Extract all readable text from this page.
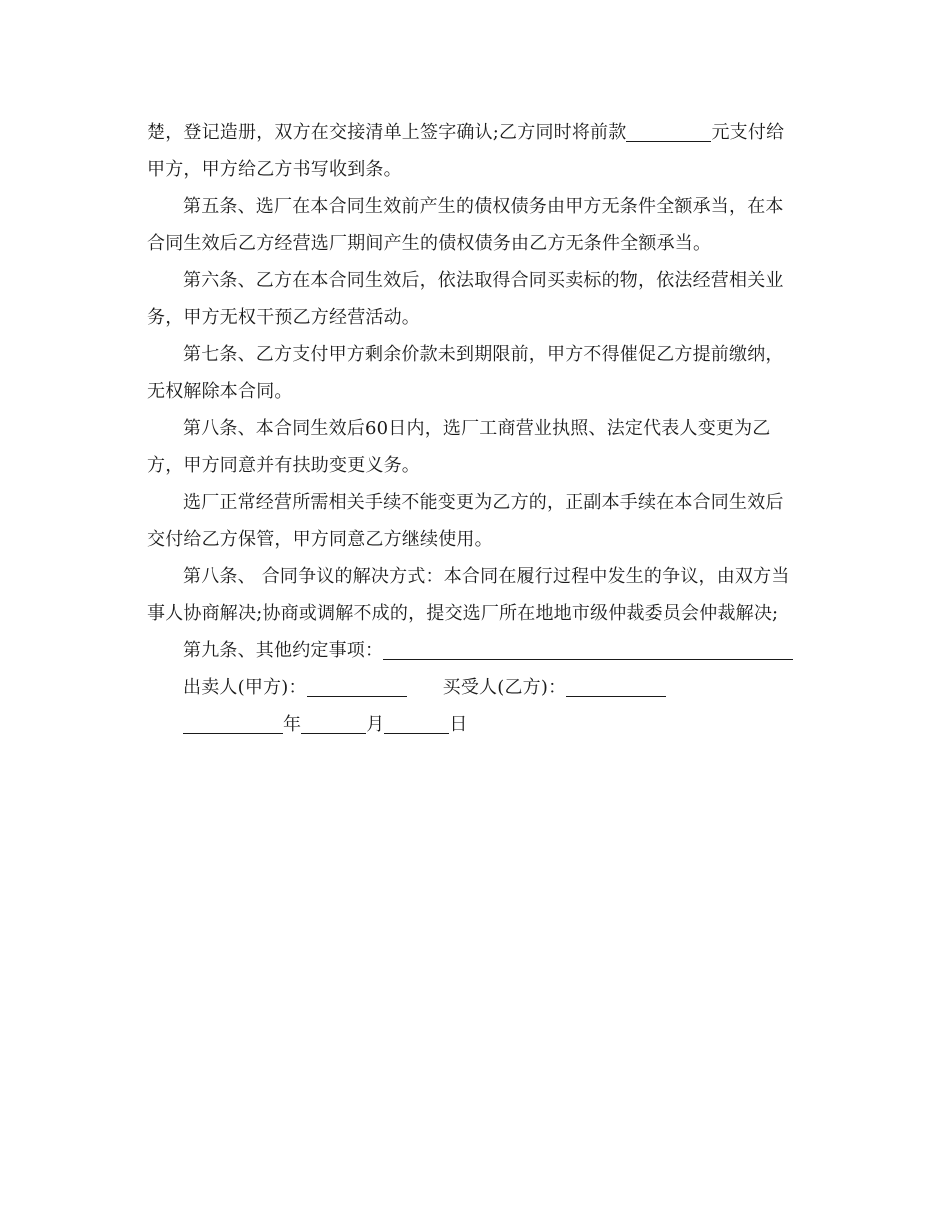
楚，登记造册，双方在交接清单上签字确认;乙方同时将前款	元支付给
甲方，甲方给乙方书写收到条。
第五条、选厂在本合同生效前产生的债权债务由甲方无条件全额承当，在本
合同生效后乙方经营选厂期间产生的债权债务由乙方无条件全额承当。
第六条、乙方在本合同生效后，依法取得合同买卖标的物，依法经营相关业
务，甲方无权干预乙方经营活动。
第七条、乙方支付甲方剩余价款未到期限前，甲方不得催促乙方提前缴纳，
无权解除本合同。
第八条、本合同生效后60日内，选厂工商营业执照、法定代表人变更为乙
方，甲方同意并有扶助变更义务。
选厂正常经营所需相关手续不能变更为乙方的，正副本手续在本合同生效后
交付给乙方保管，甲方同意乙方继续使用。
第八条、 合同争议的解决方式：本合同在履行过程中发生的争议，由双方当
事人协商解决;协商或调解不成的，提交选厂所在地地市级仲裁委员会仲裁解决;
第九条、其他约定事项：
出卖人(甲方)：	买受人(乙方)：
年	月	日
